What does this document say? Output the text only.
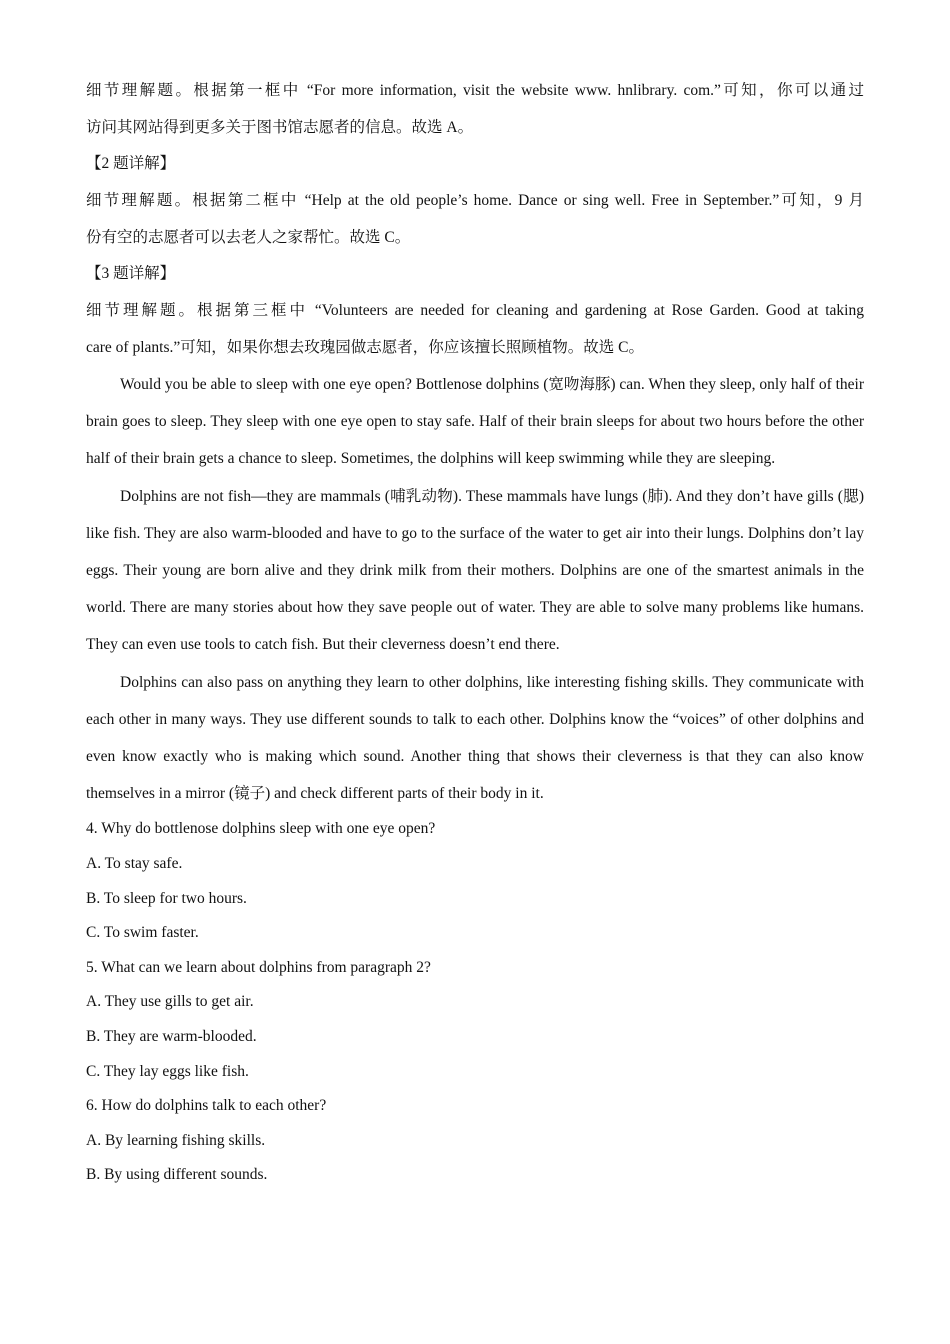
细节理解题。根据第一框中 “For more information, visit the website www. hnlibrary. com.”可知，你可以通过
访问其网站得到更多关于图书馆志愿者的信息。故选 A。
【2 题详解】
细节理解题。根据第二框中 “Help at the old people’s home. Dance or sing well. Free in September.”可知，9 月
份有空的志愿者可以去老人之家帮忙。故选 C。
【3 题详解】
细节理解题。根据第三框中 “Volunteers are needed for cleaning and gardening at Rose Garden. Good at taking
care of plants.”可知，如果你想去玫瑰园做志愿者，你应该擅长照顾植物。故选 C。

Would you be able to sleep with one eye open? Bottlenose dolphins (宽吻海豚) can. When they sleep, only half of their brain goes to sleep. They sleep with one eye open to stay safe. Half of their brain sleeps for about two hours before the other half of their brain gets a chance to sleep. Sometimes, the dolphins will keep swimming while they are sleeping.

Dolphins are not fish—they are mammals (哺乳动物). These mammals have lungs (肺). And they don’t have gills (腮) like fish. They are also warm-blooded and have to go to the surface of the water to get air into their lungs. Dolphins don’t lay eggs. Their young are born alive and they drink milk from their mothers. Dolphins are one of the smartest animals in the world. There are many stories about how they save people out of water. They are able to solve many problems like humans. They can even use tools to catch fish. But their cleverness doesn’t end there.

Dolphins can also pass on anything they learn to other dolphins, like interesting fishing skills. They communicate with each other in many ways. They use different sounds to talk to each other. Dolphins know the “voices” of other dolphins and even know exactly who is making which sound. Another thing that shows their cleverness is that they can also know themselves in a mirror (镜子) and check different parts of their body in it.

4. Why do bottlenose dolphins sleep with one eye open?
A. To stay safe.
B. To sleep for two hours.
C. To swim faster.
5. What can we learn about dolphins from paragraph 2?
A. They use gills to get air.
B. They are warm-blooded.
C. They lay eggs like fish.
6. How do dolphins talk to each other?
A. By learning fishing skills.
B. By using different sounds.
